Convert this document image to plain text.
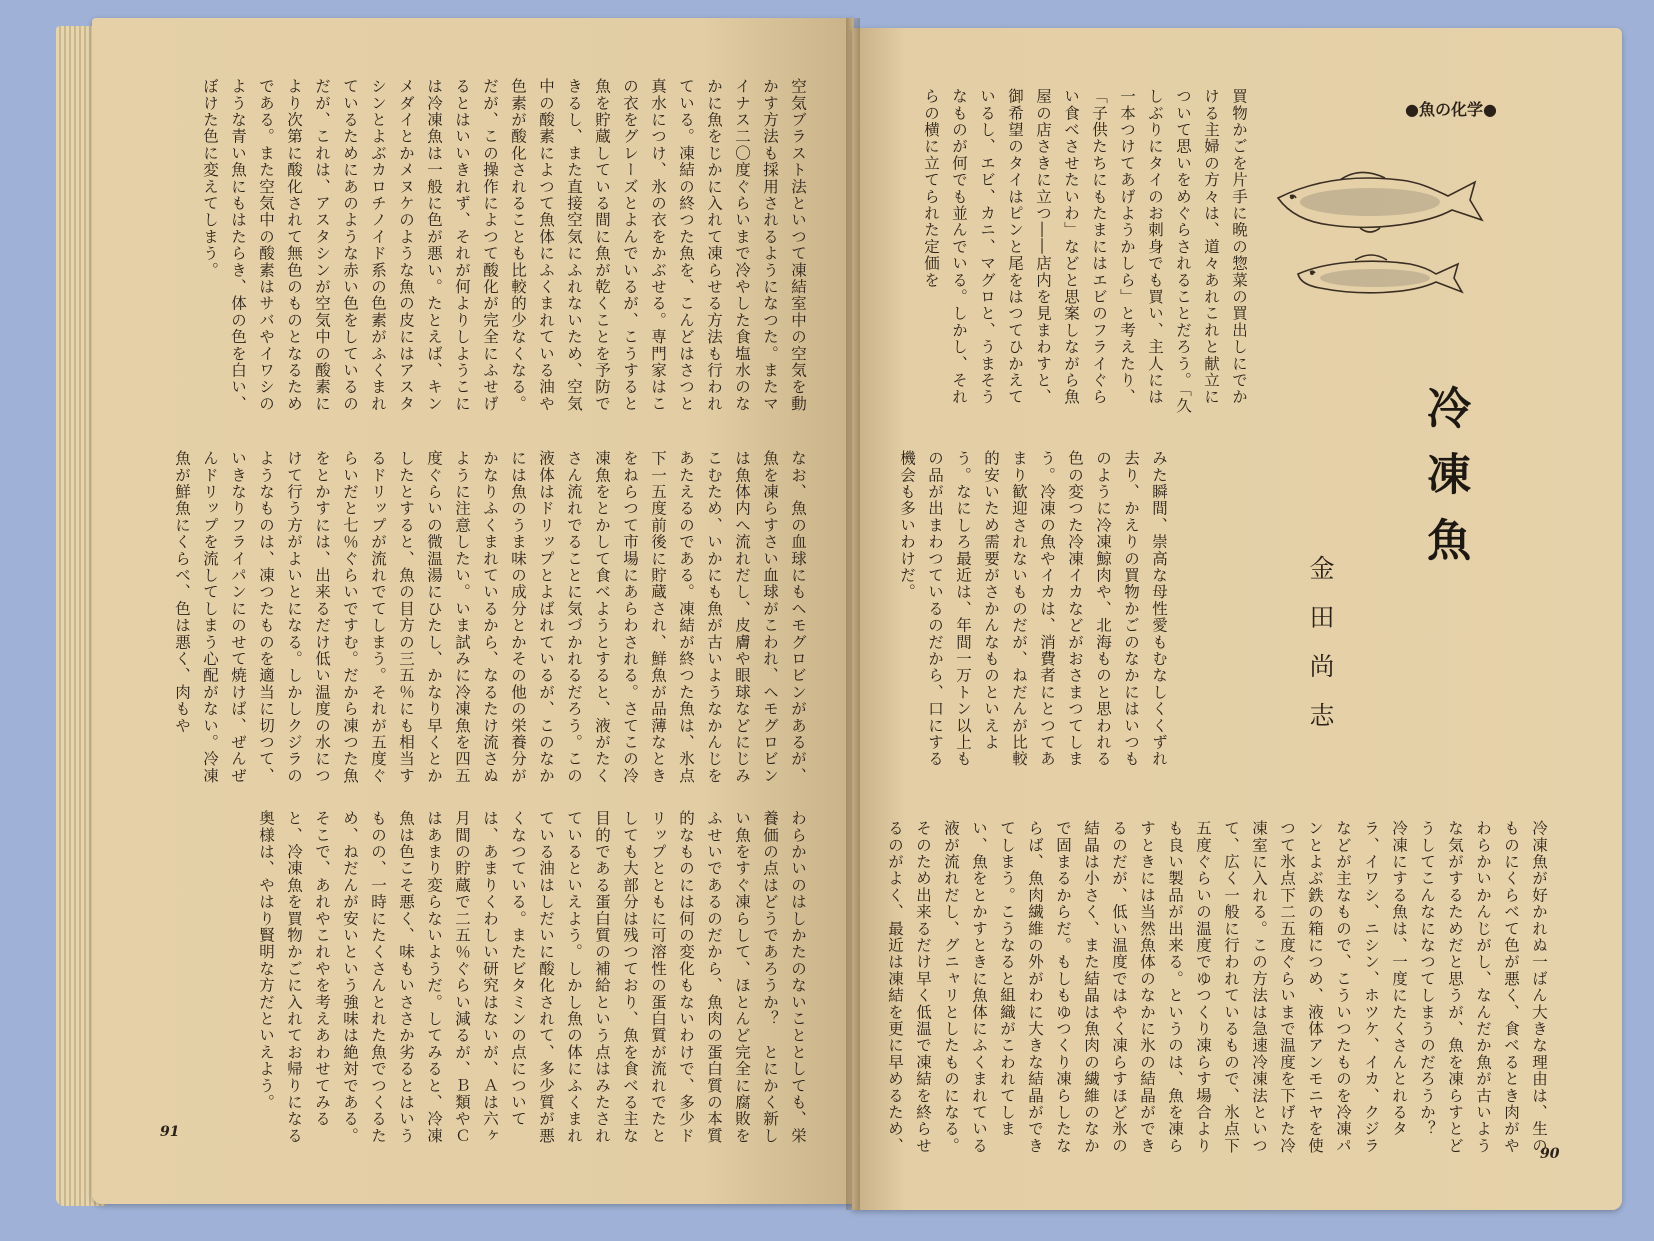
空気ブラスト法といつて凍結室中の空気を動かす方法も採用されるようになつた。またマイナス二〇度ぐらいまで冷やした食塩水のなかに魚をじかに入れて凍らせる方法も行われている。凍結の終つた魚を、こんどはさつと真水につけ、氷の衣をかぶせる。専門家はこの衣をグレーズとよんでいるが、こうすると魚を貯蔵している間に魚が乾くことを予防できるし、また直接空気にふれないため、空気中の酸素によつて魚体にふくまれている油や色素が酸化されることも比較的少なくなる。だが、この操作によつて酸化が完全にふせげるとはいいきれず、それが何よりしようこには冷凍魚は一般に色が悪い。たとえば、キンメダイとかメヌケのような魚の皮にはアスタシンとよぶカロチノイド系の色素がふくまれているためにあのような赤い色をしているのだが、これは、アスタシンが空気中の酸素により次第に酸化されて無色のものとなるためである。また空気中の酸素はサバやイワシのような青い魚にもはたらき、体の色を白い、ぼけた色に変えてしまう。
なお、魚の血球にもヘモグロビンがあるが、魚を凍らすさい血球がこわれ、ヘモグロビンは魚体内へ流れだし、皮膚や眼球などにじみこむため、いかにも魚が古いようなかんじをあたえるのである。凍結が終つた魚は、氷点下一五度前後に貯蔵され、鮮魚が品薄なときをねらつて市場にあらわされる。さてこの冷凍魚をとかして食べようとすると、液がたくさん流れでることに気づかれるだろう。この液体はドリップとよばれているが、このなかには魚のうま味の成分とかその他の栄養分がかなりふくまれているから、なるたけ流さぬように注意したい。いま試みに冷凍魚を四五度ぐらいの微温湯にひたし、かなり早くとかしたとすると、魚の目方の三五％にも相当するドリップが流れでてしまう。それが五度ぐらいだと七％ぐらいですむ。だから凍つた魚をとかすには、出来るだけ低い温度の水につけて行う方がよいとになる。しかしクジラのようなものは、凍つたものを適当に切つて、いきなりフライパンにのせて焼けば、ぜんぜんドリップを流してしまう心配がない。冷凍魚が鮮魚にくらべ、色は悪く、肉もや
わらかいのはしかたのないこととしても、栄養価の点はどうであろうか？　とにかく新しい魚をすぐ凍らして、ほとんど完全に腐敗をふせいであるのだから、魚肉の蛋白質の本質的なものには何の変化もないわけで、多少ドリップとともに可溶性の蛋白質が流れでたとしても大部分は残つており、魚を食べる主な目的である蛋白質の補給という点はみたされているといえよう。しかし魚の体にふくまれている油はしだいに酸化されて、多少質が悪くなつている。またビタミンの点については、あまりくわしい研究はないが、Ａは六ヶ月間の貯蔵で二五％ぐらい減るが、Ｂ類やＣはあまり変らないようだ。してみると、冷凍魚は色こそ悪く、味もいささか劣るとはいうものの、一時にたくさんとれた魚でつくるため、ねだんが安いという強味は絶対である。そこで、あれやこれやを考えあわせてみると、冷凍魚を買物かごに入れてお帰りになる奥様は、やはり賢明な方だといえよう。
91
●魚の化学●
冷凍魚
金田尚志
買物かごを片手に晩の惣菜の買出しにでかける主婦の方々は、道々あれこれと献立について思いをめぐらされることだろう。「久しぶりにタイのお刺身でも買い、主人には一本つけてあげようかしら」と考えたり、「子供たちにもたまにはエビのフライぐらい食べさせたいわ」などと思案しながら魚屋の店さきに立つ――店内を見まわすと、御希望のタイはピンと尾をはつてひかえているし、エビ、カニ、マグロと、うまそうなものが何でも並んでいる。しかし、それらの横に立てられた定価を
みた瞬間、崇高な母性愛もむなしくくずれ去り、かえりの買物かごのなかにはいつものように冷凍鯨肉や、北海ものと思われる色の変つた冷凍イカなどがおさまつてしまう。冷凍の魚やイカは、消費者にとつてあまり歓迎されないものだが、ねだんが比較的安いため需要がさかんなものといえよう。なにしろ最近は、年間一万トン以上もの品が出まわつているのだから、口にする機会も多いわけだ。
冷凍魚が好かれぬ一ばん大きな理由は、生のものにくらべて色が悪く、食べるとき肉がやわらかいかんじがし、なんだか魚が古いような気がするためだと思うが、魚を凍らすとどうしてこんなになつてしまうのだろうか？　冷凍にする魚は、一度にたくさんとれるタラ、イワシ、ニシン、ホツケ、イカ、クジラなどが主なもので、こういつたものを冷凍パンとよぶ鉄の箱につめ、液体アンモニヤを使つて氷点下二五度ぐらいまで温度を下げた冷凍室に入れる。この方法は急速冷凍法といつて、広く一般に行われているもので、氷点下五度ぐらいの温度でゆつくり凍らす場合よりも良い製品が出来る。というのは、魚を凍らすときには当然魚体のなかに氷の結晶ができるのだが、低い温度ではやく凍らすほど氷の結晶は小さく、また結晶は魚肉の繊維のなかで固まるからだ。もしもゆつくり凍らしたならば、魚肉繊維の外がわに大きな結晶ができてしまう。こうなると組織がこわれてしまい、魚をとかすときに魚体にふくまれている液が流れだし、グニャリとしたものになる。そのため出来るだけ早く低温で凍結を終らせるのがよく、最近は凍結を更に早めるため、	90
